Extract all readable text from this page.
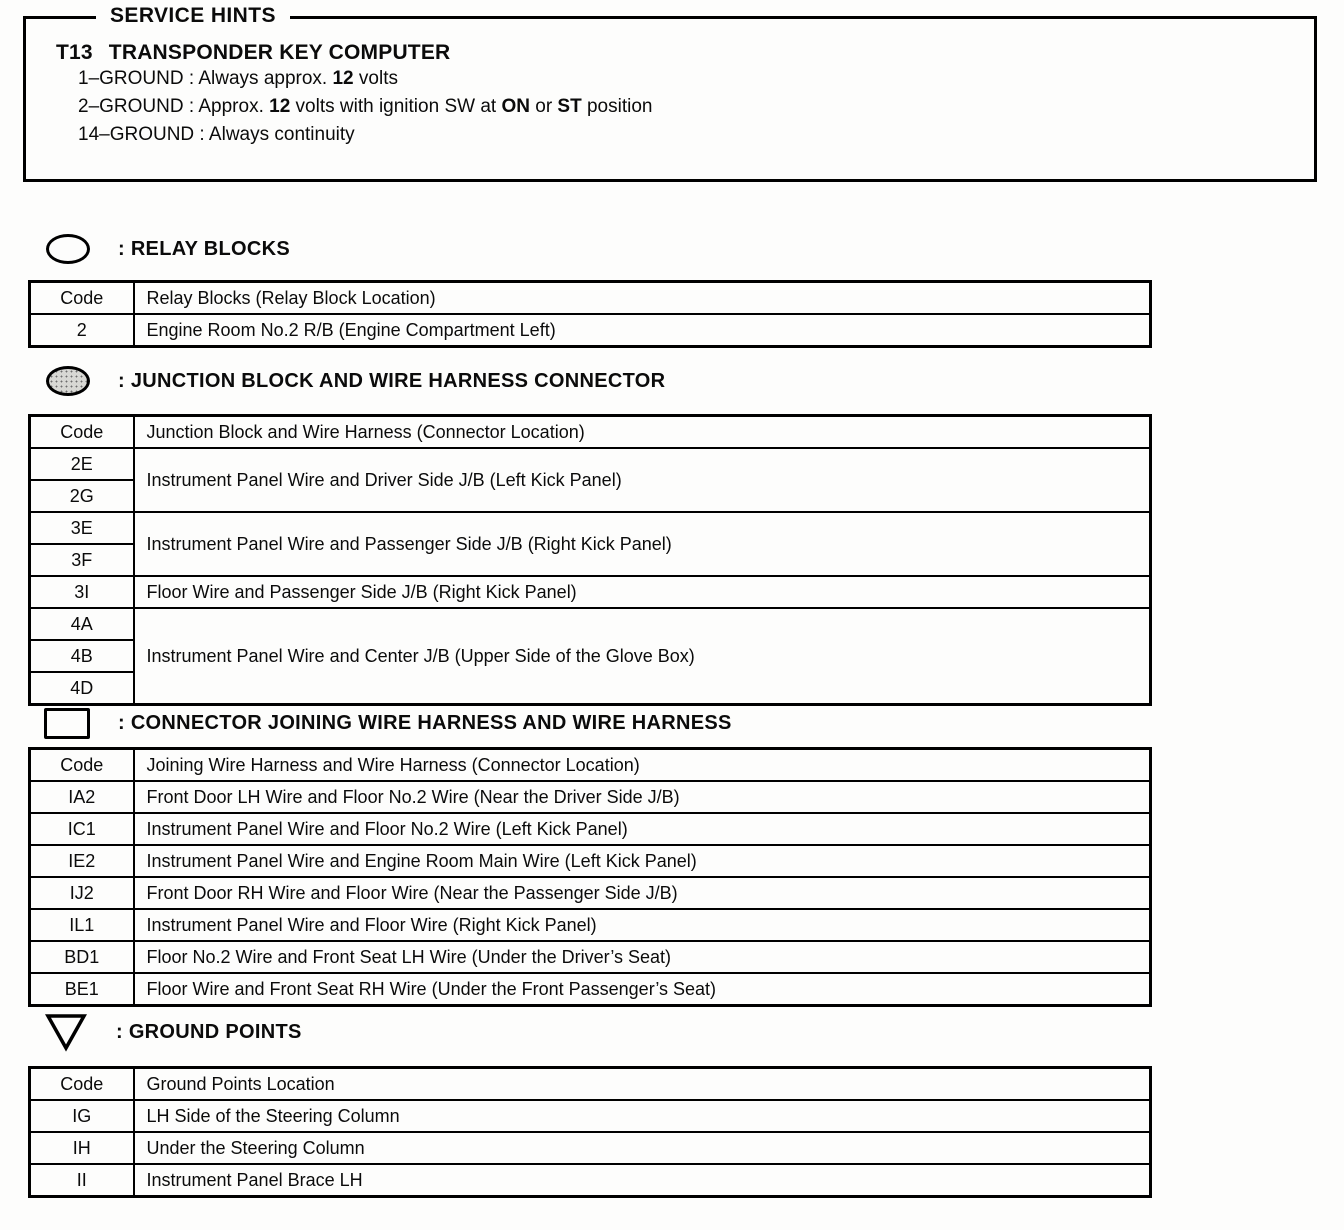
SERVICE HINTS
T13 TRANSPONDER KEY COMPUTER
1–GROUND : Always approx. 12 volts
2–GROUND : Approx. 12 volts with ignition SW at ON or ST position
14–GROUND : Always continuity
: RELAY BLOCKS
Code	Relay Blocks (Relay Block Location)
2	Engine Room No.2 R/B (Engine Compartment Left)
: JUNCTION BLOCK AND WIRE HARNESS CONNECTOR
Code	Junction Block and Wire Harness (Connector Location)
2E	Instrument Panel Wire and Driver Side J/B (Left Kick Panel)
2G	
3E	Instrument Panel Wire and Passenger Side J/B (Right Kick Panel)
3F	
3I	Floor Wire and Passenger Side J/B (Right Kick Panel)
4A	Instrument Panel Wire and Center J/B (Upper Side of the Glove Box)
4B	
4D	
: CONNECTOR JOINING WIRE HARNESS AND WIRE HARNESS
Code	Joining Wire Harness and Wire Harness (Connector Location)
IA2	Front Door LH Wire and Floor No.2 Wire (Near the Driver Side J/B)
IC1	Instrument Panel Wire and Floor No.2 Wire (Left Kick Panel)
IE2	Instrument Panel Wire and Engine Room Main Wire (Left Kick Panel)
IJ2	Front Door RH Wire and Floor Wire (Near the Passenger Side J/B)
IL1	Instrument Panel Wire and Floor Wire (Right Kick Panel)
BD1	Floor No.2 Wire and Front Seat LH Wire (Under the Driver’s Seat)
BE1	Floor Wire and Front Seat RH Wire (Under the Front Passenger’s Seat)
: GROUND POINTS
Code	Ground Points Location
IG	LH Side of the Steering Column
IH	Under the Steering Column
II	Instrument Panel Brace LH
